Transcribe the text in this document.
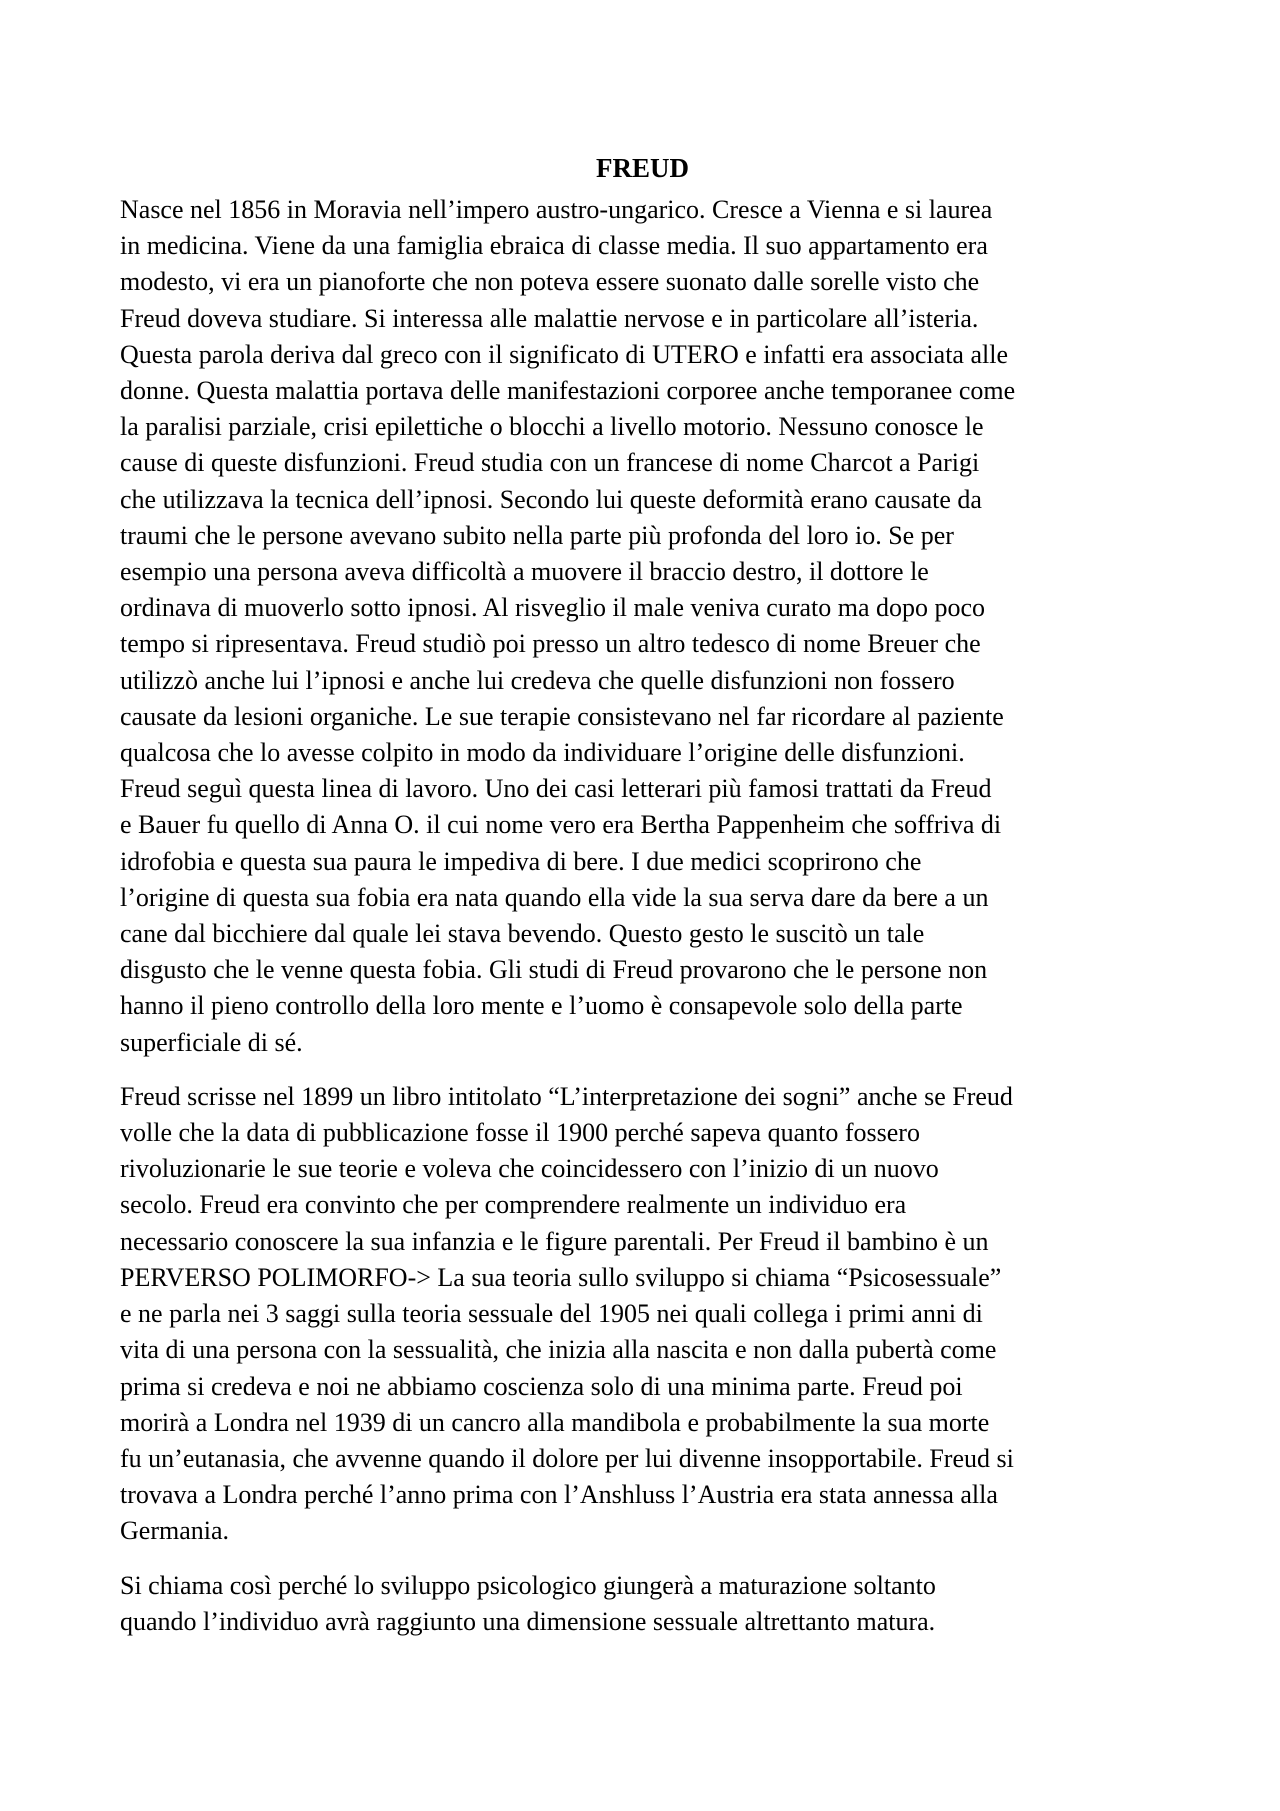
FREUD
Nasce nel 1856 in Moravia nell’impero austro-ungarico. Cresce a Vienna e si laurea
in medicina. Viene da una famiglia ebraica di classe media. Il suo appartamento era
modesto, vi era un pianoforte che non poteva essere suonato dalle sorelle visto che
Freud doveva studiare. Si interessa alle malattie nervose e in particolare all’isteria.
Questa parola deriva dal greco con il significato di UTERO e infatti era associata alle
donne. Questa malattia portava delle manifestazioni corporee anche temporanee come
la paralisi parziale, crisi epilettiche o blocchi a livello motorio. Nessuno conosce le
cause di queste disfunzioni. Freud studia con un francese di nome Charcot a Parigi
che utilizzava la tecnica dell’ipnosi. Secondo lui queste deformità erano causate da
traumi che le persone avevano subito nella parte più profonda del loro io. Se per
esempio una persona aveva difficoltà a muovere il braccio destro, il dottore le
ordinava di muoverlo sotto ipnosi. Al risveglio il male veniva curato ma dopo poco
tempo si ripresentava. Freud studiò poi presso un altro tedesco di nome Breuer che
utilizzò anche lui l’ipnosi e anche lui credeva che quelle disfunzioni non fossero
causate da lesioni organiche. Le sue terapie consistevano nel far ricordare al paziente
qualcosa che lo avesse colpito in modo da individuare l’origine delle disfunzioni.
Freud seguì questa linea di lavoro. Uno dei casi letterari più famosi trattati da Freud
e Bauer fu quello di Anna O. il cui nome vero era Bertha Pappenheim che soffriva di
idrofobia e questa sua paura le impediva di bere. I due medici scoprirono che
l’origine di questa sua fobia era nata quando ella vide la sua serva dare da bere a un
cane dal bicchiere dal quale lei stava bevendo. Questo gesto le suscitò un tale
disgusto che le venne questa fobia. Gli studi di Freud provarono che le persone non
hanno il pieno controllo della loro mente e l’uomo è consapevole solo della parte
superficiale di sé.
Freud scrisse nel 1899 un libro intitolato “L’interpretazione dei sogni” anche se Freud
volle che la data di pubblicazione fosse il 1900 perché sapeva quanto fossero
rivoluzionarie le sue teorie e voleva che coincidessero con l’inizio di un nuovo
secolo. Freud era convinto che per comprendere realmente un individuo era
necessario conoscere la sua infanzia e le figure parentali. Per Freud il bambino è un
PERVERSO POLIMORFO-> La sua teoria sullo sviluppo si chiama “Psicosessuale”
e ne parla nei 3 saggi sulla teoria sessuale del 1905 nei quali collega i primi anni di
vita di una persona con la sessualità, che inizia alla nascita e non dalla pubertà come
prima si credeva e noi ne abbiamo coscienza solo di una minima parte. Freud poi
morirà a Londra nel 1939 di un cancro alla mandibola e probabilmente la sua morte
fu un’eutanasia, che avvenne quando il dolore per lui divenne insopportabile. Freud si
trovava a Londra perché l’anno prima con l’Anshluss l’Austria era stata annessa alla
Germania.
Si chiama così perché lo sviluppo psicologico giungerà a maturazione soltanto
quando l’individuo avrà raggiunto una dimensione sessuale altrettanto matura.
